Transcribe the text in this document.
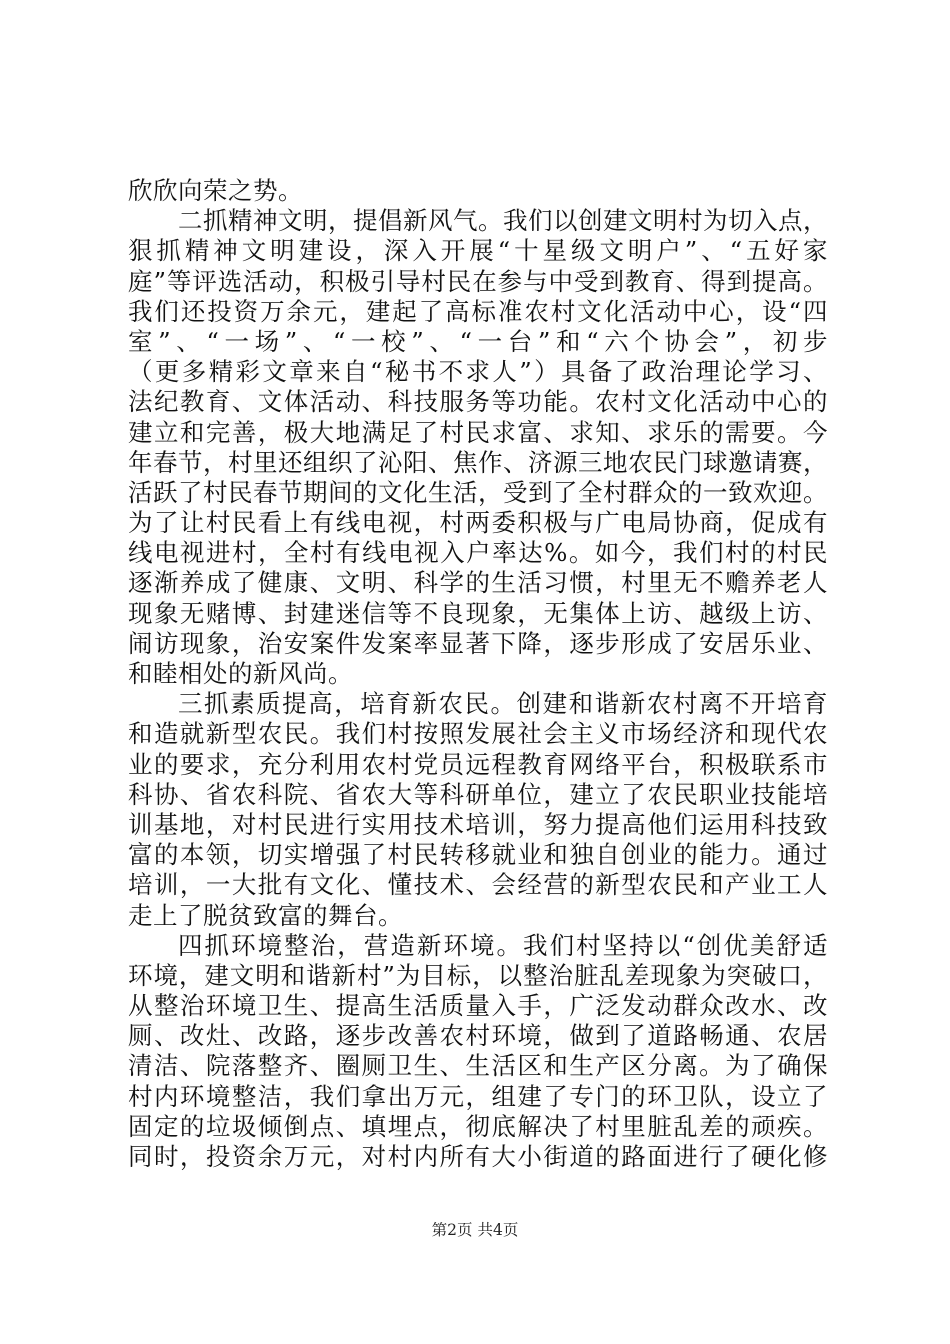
欣欣向荣之势。
二抓精神文明，提倡新风气。我们以创建文明村为切入点，
狠抓精神文明建设，深入开展“十星级文明户”、“五好家
庭”等评选活动，积极引导村民在参与中受到教育、得到提高。
我们还投资万余元，建起了高标准农村文化活动中心，设“四
室”、“一场”、“一校”、“一台”和“六个协会”，初步
（更多精彩文章来自“秘书不求人”）具备了政治理论学习、
法纪教育、文体活动、科技服务等功能。农村文化活动中心的
建立和完善，极大地满足了村民求富、求知、求乐的需要。今
年春节，村里还组织了沁阳、焦作、济源三地农民门球邀请赛，
活跃了村民春节期间的文化生活，受到了全村群众的一致欢迎。
为了让村民看上有线电视，村两委积极与广电局协商，促成有
线电视进村，全村有线电视入户率达%。如今，我们村的村民
逐渐养成了健康、文明、科学的生活习惯，村里无不赡养老人
现象无赌博、封建迷信等不良现象，无集体上访、越级上访、
闹访现象，治安案件发案率显著下降，逐步形成了安居乐业、
和睦相处的新风尚。
三抓素质提高，培育新农民。创建和谐新农村离不开培育
和造就新型农民。我们村按照发展社会主义市场经济和现代农
业的要求，充分利用农村党员远程教育网络平台，积极联系市
科协、省农科院、省农大等科研单位，建立了农民职业技能培
训基地，对村民进行实用技术培训，努力提高他们运用科技致
富的本领，切实增强了村民转移就业和独自创业的能力。通过
培训，一大批有文化、懂技术、会经营的新型农民和产业工人
走上了脱贫致富的舞台。
四抓环境整治，营造新环境。我们村坚持以“创优美舒适
环境，建文明和谐新村”为目标，以整治脏乱差现象为突破口，
从整治环境卫生、提高生活质量入手，广泛发动群众改水、改
厕、改灶、改路，逐步改善农村环境，做到了道路畅通、农居
清洁、院落整齐、圈厕卫生、生活区和生产区分离。为了确保
村内环境整洁，我们拿出万元，组建了专门的环卫队，设立了
固定的垃圾倾倒点、填埋点，彻底解决了村里脏乱差的顽疾。
同时，投资余万元，对村内所有大小街道的路面进行了硬化修
第2页 共4页
